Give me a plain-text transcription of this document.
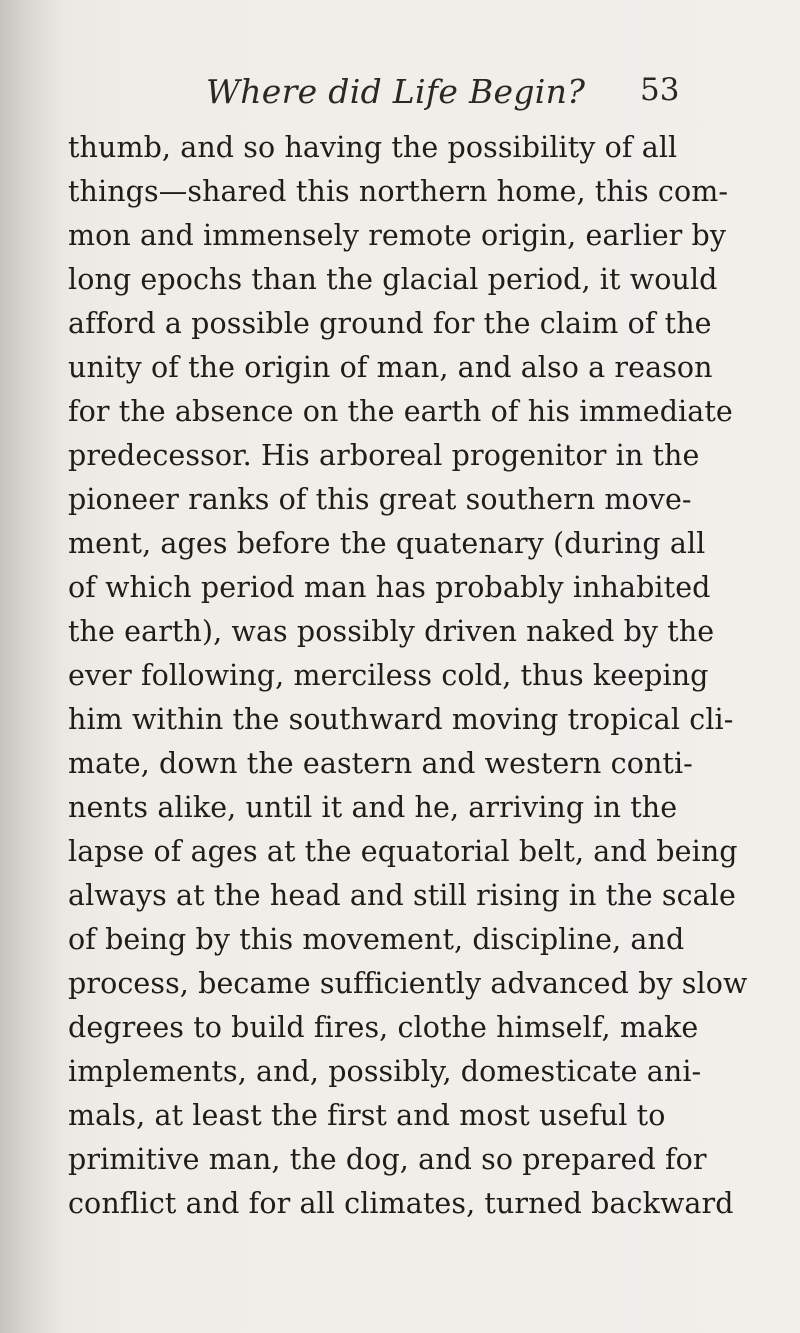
Where did Life Begin? 53
thumb, and so having the possibility of all
things—shared this northern home, this com-
mon and immensely remote origin, earlier by
long epochs than the glacial period, it would
afford a possible ground for the claim of the
unity of the origin of man, and also a reason
for the absence on the earth of his immediate
predecessor. His arboreal progenitor in the
pioneer ranks of this great southern move-
ment, ages before the quatenary (during all
of which period man has probably inhabited
the earth), was possibly driven naked by the
ever following, merciless cold, thus keeping
him within the southward moving tropical cli-
mate, down the eastern and western conti-
nents alike, until it and he, arriving in the
lapse of ages at the equatorial belt, and being
always at the head and still rising in the scale
of being by this movement, discipline, and
process, became sufficiently advanced by slow
degrees to build fires, clothe himself, make
implements, and, possibly, domesticate ani-
mals, at least the first and most useful to
primitive man, the dog, and so prepared for
conflict and for all climates, turned backward
